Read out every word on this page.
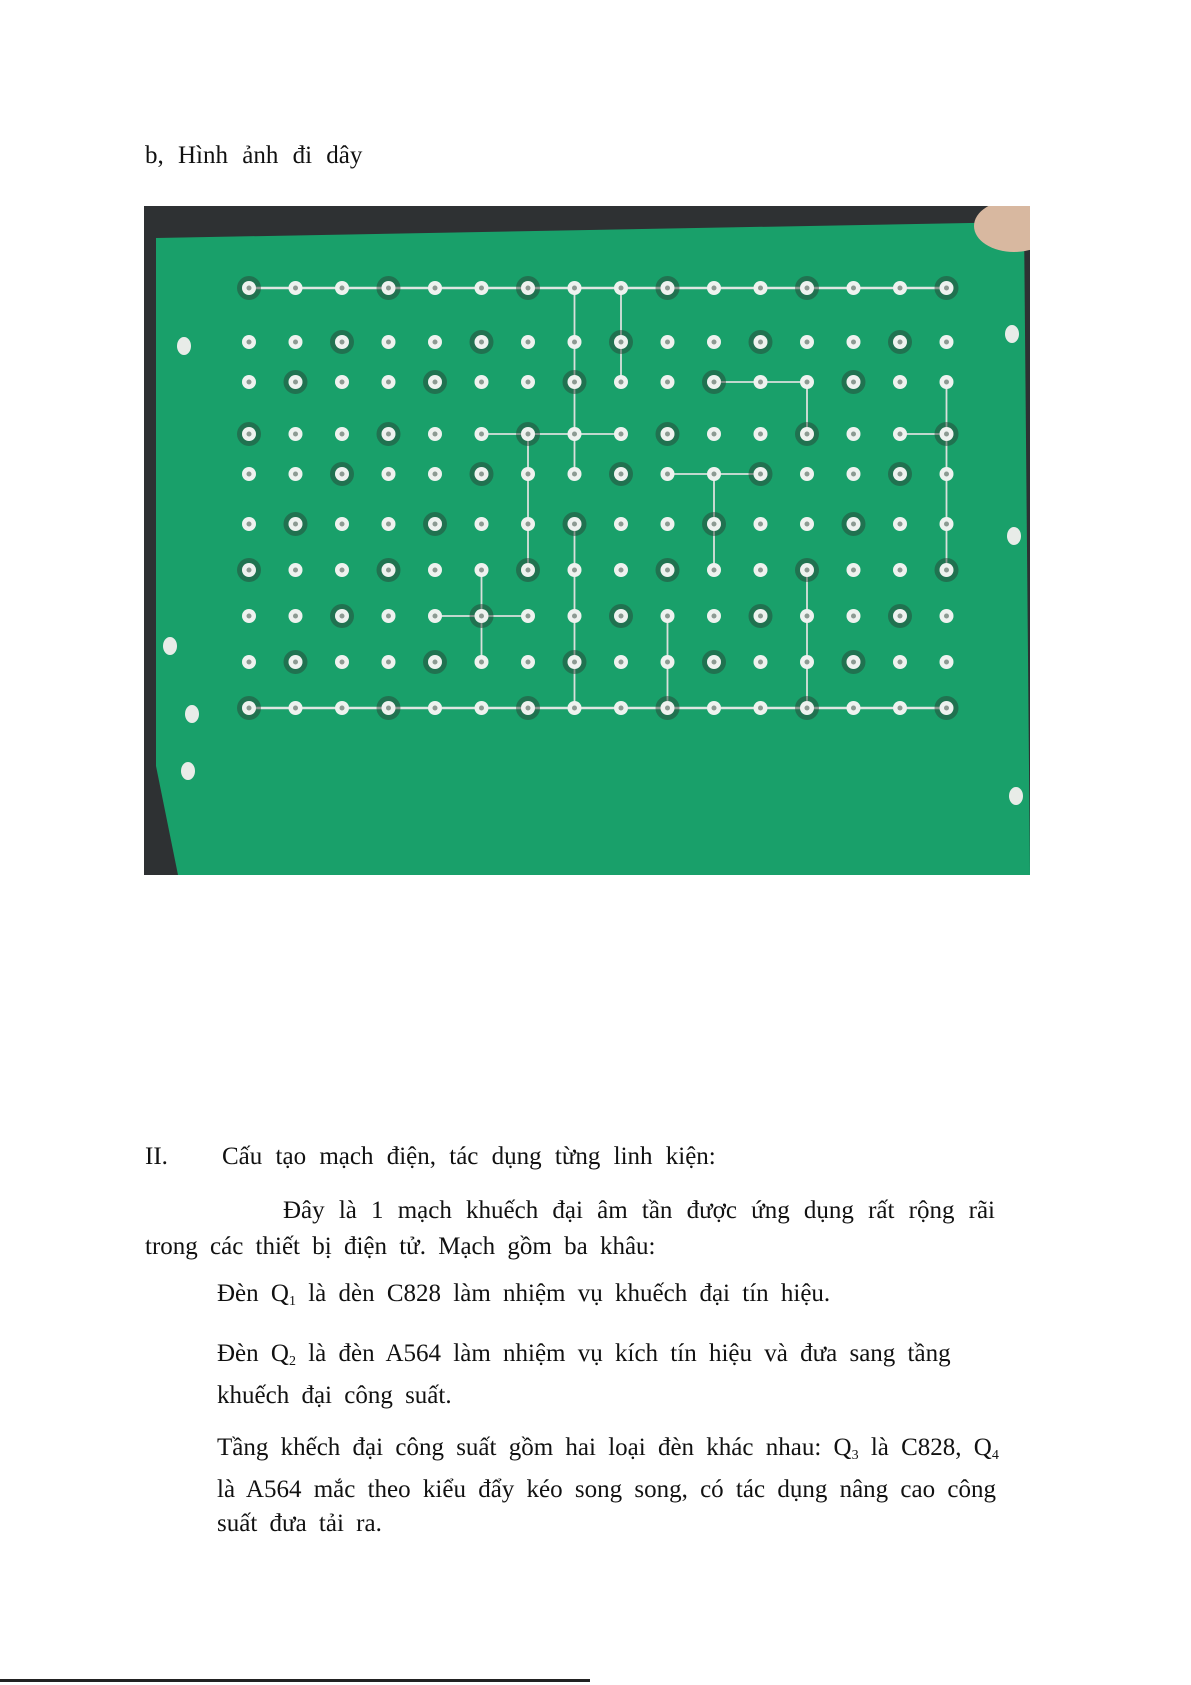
b, Hình ảnh đi dây
II. Cấu tạo mạch điện, tác dụng từng linh kiện:
Đây là 1 mạch khuếch đại âm tần được ứng dụng rất rộng rãi trong các thiết bị điện tử. Mạch gồm ba khâu:
Đèn $Q_1$ là dèn C828 làm nhiệm vụ khuếch đại tín hiệu.
Đèn $Q_2$ là đèn A564 làm nhiệm vụ kích tín hiệu và đưa sang tầng khuếch đại công suất.
Tầng khếch đại công suất gồm hai loại đèn khác nhau: $Q_3$ là C828, $Q_4$ là A564 mắc theo kiểu đẩy kéo song song, có tác dụng nâng cao công suất đưa tải ra.
